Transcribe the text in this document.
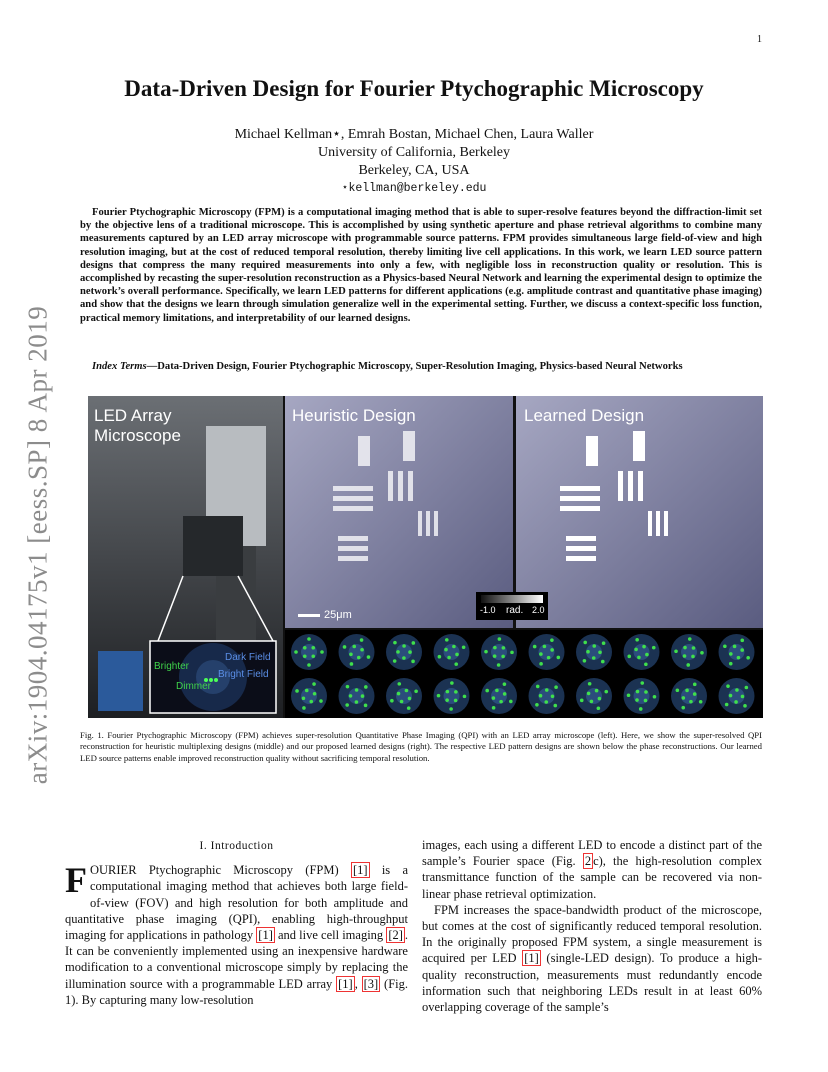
1
arXiv:1904.04175v1 [eess.SP] 8 Apr 2019
Data-Driven Design for Fourier Ptychographic Microscopy
Michael Kellman⋆, Emrah Bostan, Michael Chen, Laura Waller
University of California, Berkeley
Berkeley, CA, USA
⋆kellman@berkeley.edu
Fourier Ptychographic Microscopy (FPM) is a computational imaging method that is able to super-resolve features beyond the diffraction-limit set by the objective lens of a traditional microscope. This is accomplished by using synthetic aperture and phase retrieval algorithms to combine many measurements captured by an LED array microscope with programmable source patterns. FPM provides simultaneous large field-of-view and high resolution imaging, but at the cost of reduced temporal resolution, thereby limiting live cell applications. In this work, we learn LED source pattern designs that compress the many required measurements into only a few, with negligible loss in reconstruction quality or resolution. This is accomplished by recasting the super-resolution reconstruction as a Physics-based Neural Network and learning the experimental design to optimize the network’s overall performance. Specifically, we learn LED patterns for different applications (e.g. amplitude contrast and quantitative phase imaging) and show that the designs we learn through simulation generalize well in the experimental setting. Further, we discuss a context-specific loss function, practical memory limitations, and interpretability of our learned designs.
Index Terms—Data-Driven Design, Fourier Ptychographic Microscopy, Super-Resolution Imaging, Physics-based Neural Networks
LED Array
Microscope
Heuristic Design	Learned Design
25μm	-1.0 rad. 2.0
Dark Field
Bright Field
Brighter
Dimmer
Fig. 1. Fourier Ptychographic Microscopy (FPM) achieves super-resolution Quantitative Phase Imaging (QPI) with an LED array microscope (left). Here, we show the super-resolved QPI reconstruction for heuristic multiplexing designs (middle) and our proposed learned designs (right). The respective LED pattern designs are shown below the phase reconstructions. Our learned LED source patterns enable improved reconstruction quality without sacrificing temporal resolution.
I. Introduction
FOURIER Ptychographic Microscopy (FPM) [1] is a computational imaging method that achieves both large field-of-view (FOV) and high resolution for both amplitude and quantitative phase imaging (QPI), enabling high-throughput imaging for applications in pathology [1] and live cell imaging [2] . It can be conveniently implemented using an inexpensive hardware modification to a conventional microscope simply by replacing the illumination source with a programmable LED array [1] , [3] (Fig. 1). By capturing many low-resolution
images, each using a different LED to encode a distinct part of the sample’s Fourier space (Fig. 2 c), the high-resolution complex transmittance function of the sample can be recovered via non-linear phase retrieval optimization.
FPM increases the space-bandwidth product of the microscope, but comes at the cost of significantly reduced temporal resolution. In the originally proposed FPM system, a single measurement is acquired per LED [1] (single-LED design). To produce a high-quality reconstruction, measurements must redundantly encode information such that neighboring LEDs result in at least 60% overlapping coverage of the sample’s
